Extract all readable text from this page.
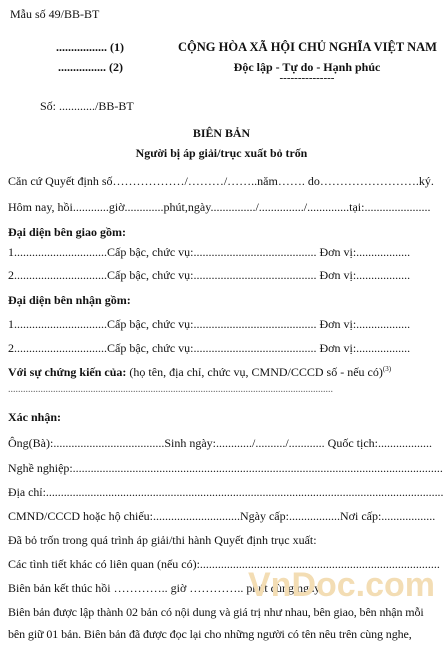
Mẫu số 49/BB-BT
................. (1)
................ (2)
CỘNG HÒA XÃ HỘI CHỦ NGHĨA VIỆT NAM
Độc lập - Tự do - Hạnh phúc
---------------
Số: ............/BB-BT
BIÊN BẢN
Người bị áp giải/trục xuất bỏ trốn
Căn cứ Quyết định số………………/………/……..năm……. do…………………….ký.
Hôm nay, hồi............giờ.............phút,ngày.............../.............../..............tại:......................
Đại diện bên giao gồm:
1...............................Cấp bậc, chức vụ:......................................... Đơn vị:..................
2...............................Cấp bậc, chức vụ:......................................... Đơn vị:..................
Đại diện bên nhận gồm:
1...............................Cấp bậc, chức vụ:......................................... Đơn vị:..................
2...............................Cấp bậc, chức vụ:......................................... Đơn vị:..................
Với sự chứng kiến của: (họ tên, địa chỉ, chức vụ, CMND/CCCD số - nếu có)$^{(3)}$
..................................................................................................................................
Xác nhận:
Ông(Bà):.....................................Sinh ngày:............/........../............ Quốc tịch:..................
Nghề nghiệp:............................................................................................................................
Địa chỉ:......................................................................................................................................
CMND/CCCD hoặc hộ chiếu:.............................Ngày cấp:.................Nơi cấp:..................
Đã bỏ trốn trong quá trình áp giải/thi hành Quyết định trục xuất:
Các tình tiết khác có liên quan (nếu có):................................................................................
Biên bản kết thúc hồi ………….. giờ ………….. phút cùng ngày.
VnDoc.com
Biên bản được lập thành 02 bản có nội dung và giá trị như nhau, bên giao, bên nhận mỗi
bên giữ 01 bản. Biên bản đã được đọc lại cho những người có tên nêu trên cùng nghe,
